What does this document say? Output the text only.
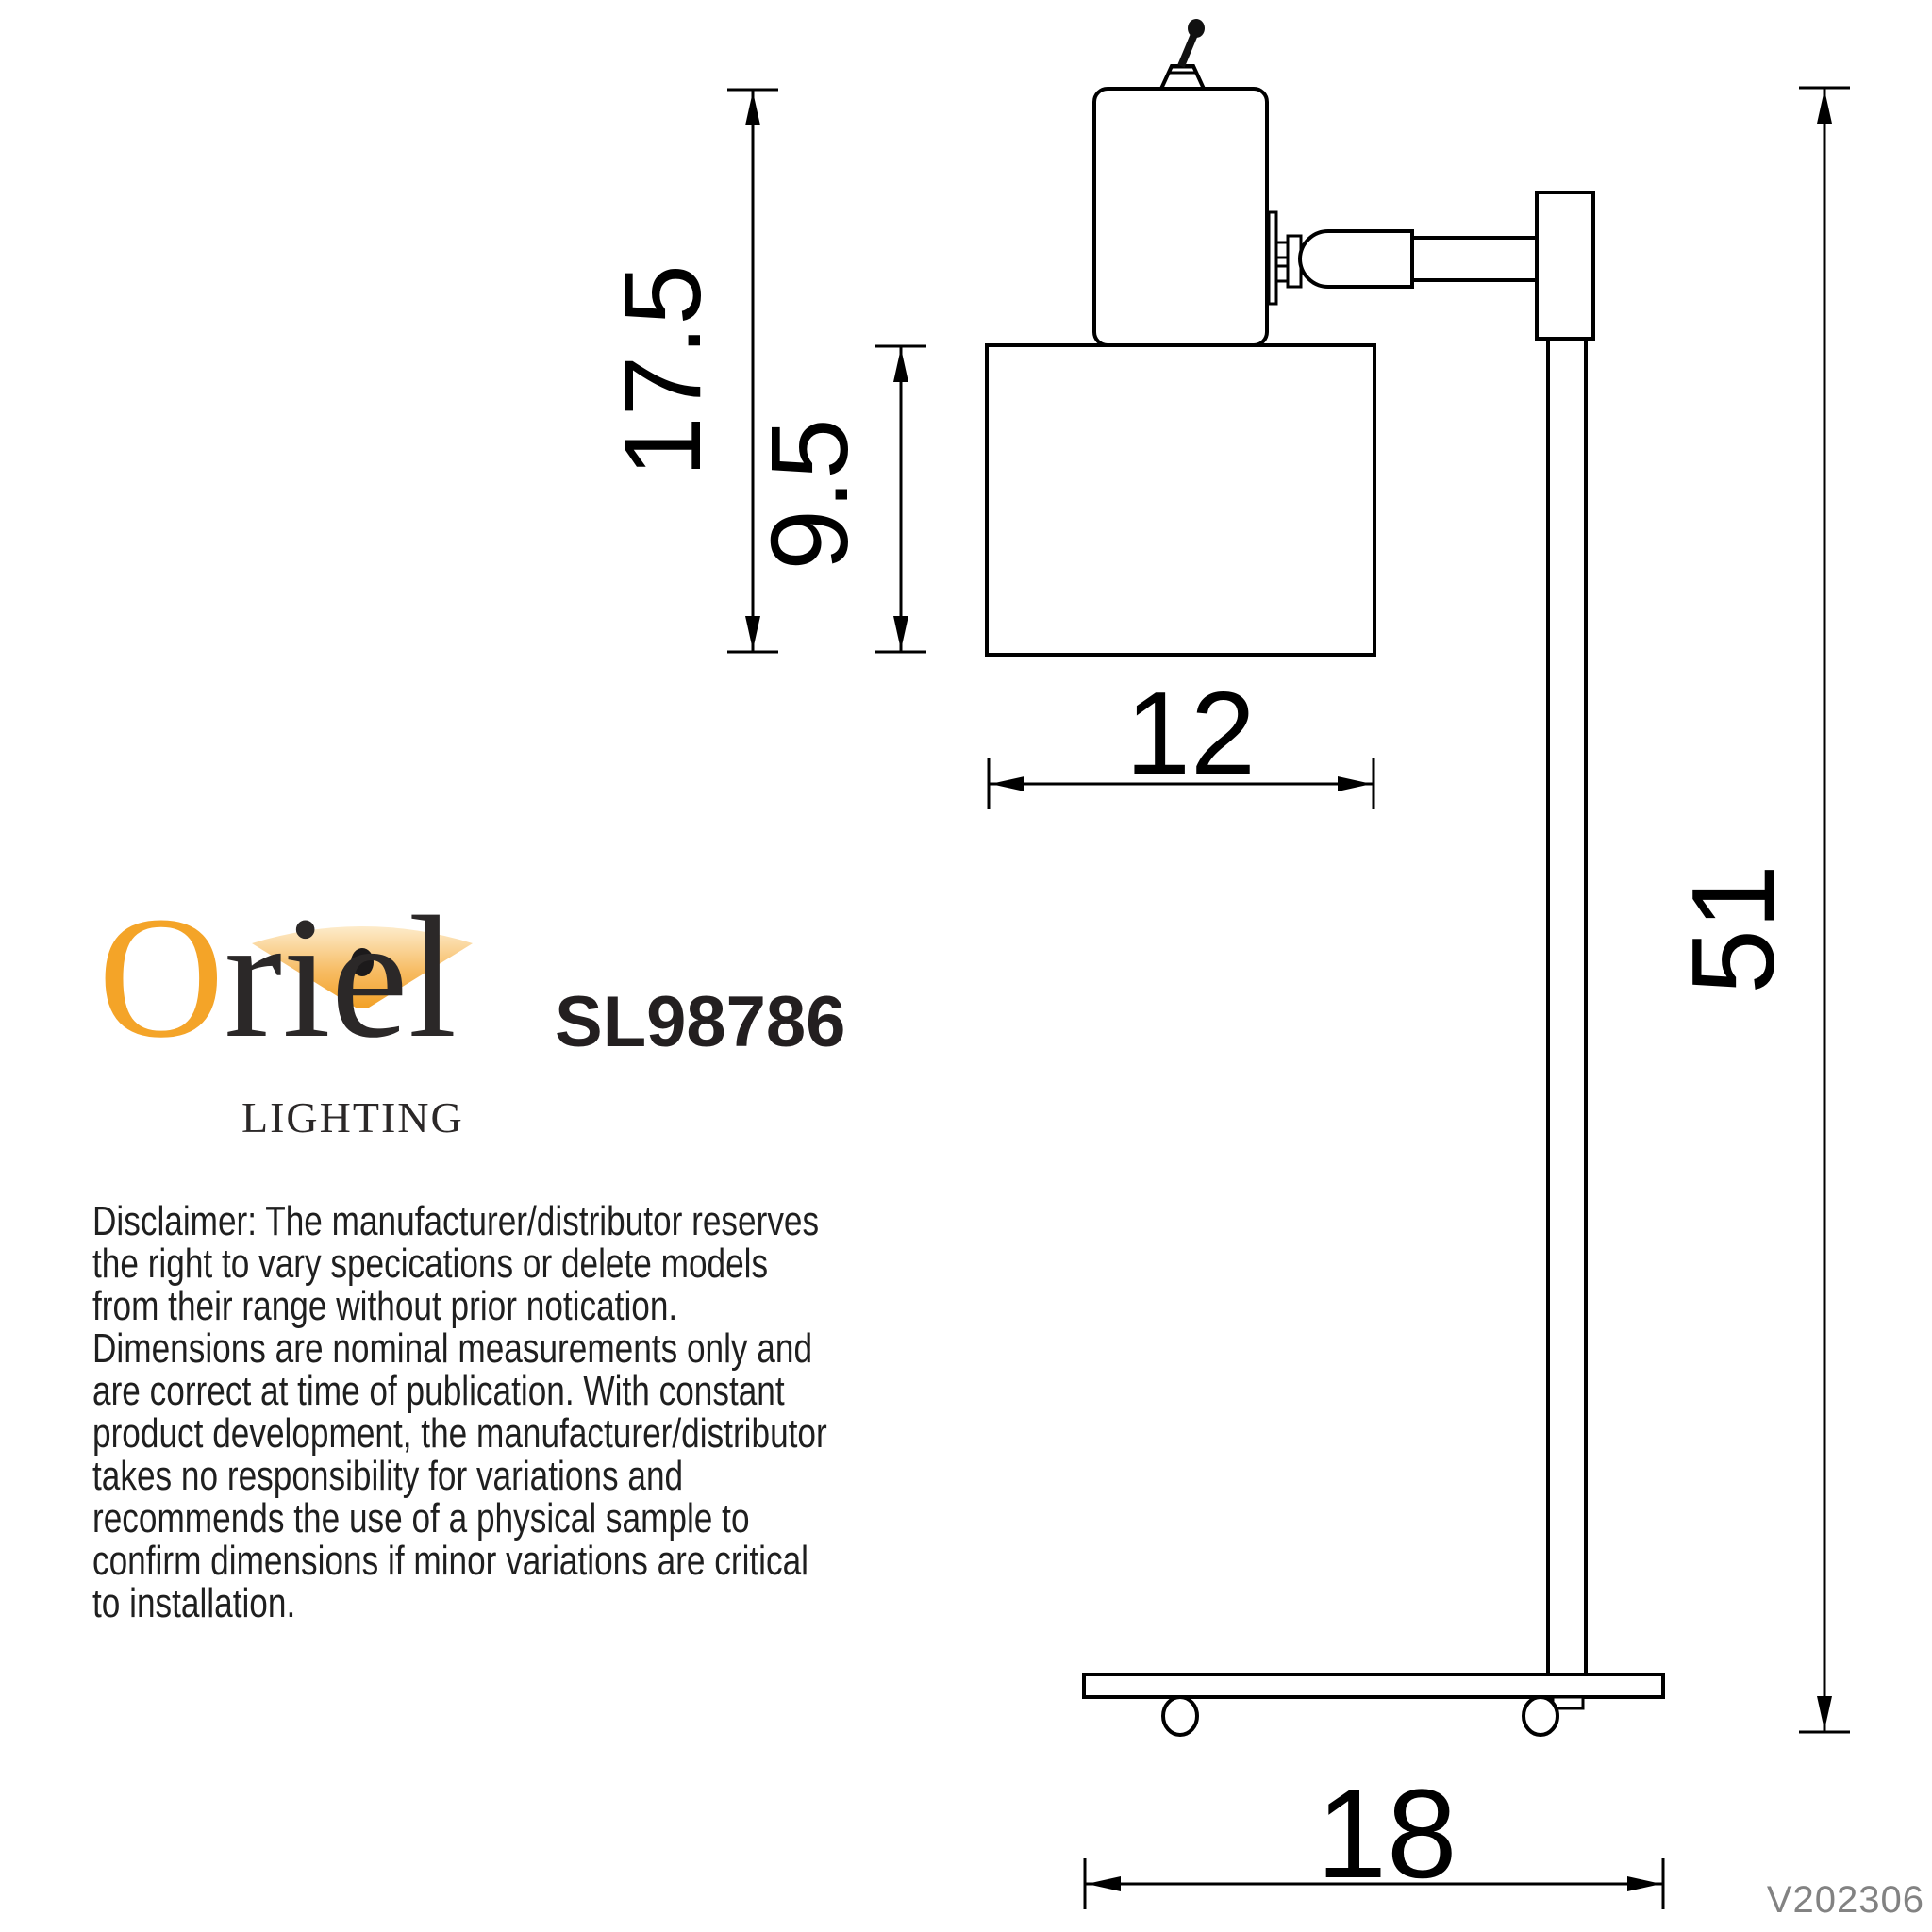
17.5
9.5
12
51
18
Oriel
LIGHTING
SL98786
Disclaimer: The manufacturer/distributor reserves
the right to vary specications or delete models
from their range without prior notication.
Dimensions are nominal measurements only and
are correct at time of publication. With constant
product development, the manufacturer/distributor
takes no responsibility for variations and
recommends the use of a physical sample to
confirm dimensions if minor variations are critical
to installation.
V202306
